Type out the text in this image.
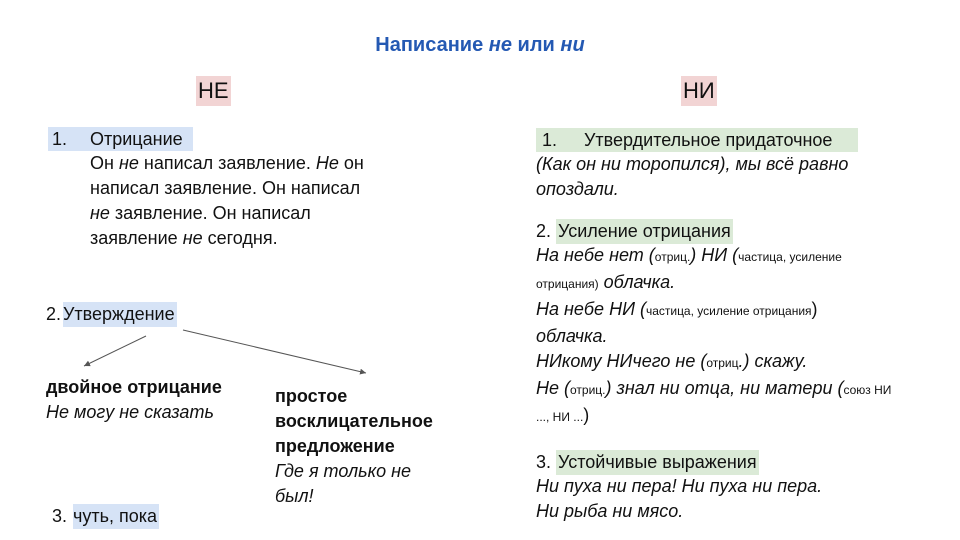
Написание не или ни
НЕ	НИ
1. Отрицание
Он не написал заявление. Не он
написал заявление. Он написал
не заявление. Он написал
заявление не сегодня.
2. Утверждение
двойное отрицание
Не могу не сказать
простое
восклицательное
предложение
Где я только не
был!
3. чуть, пока
1. Утвердительное придаточное
(Как он ни торопился), мы всё равно
опоздали.
2. Усиление отрицания
На небе нет (отриц.) НИ (частица, усиление
отрицания) облачка.
На небе НИ (частица, усиление отрицания)
облачка.
НИкому НИчего не (отриц.) скажу.
Не (отриц.) знал ни отца, ни матери (союз НИ
..., НИ ...)
3. Устойчивые выражения
Ни пуха ни пера! Ни пуха ни пера.
Ни рыба ни мясо.
